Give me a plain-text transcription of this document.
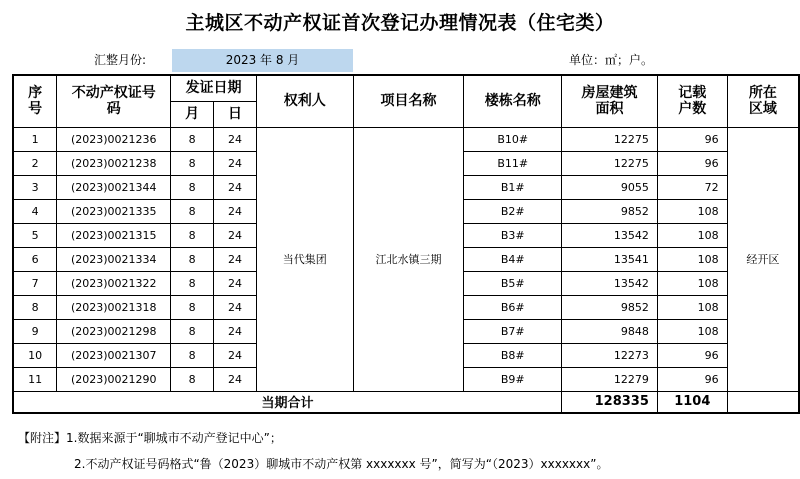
主城区不动产权证首次登记办理情况表（住宅类）
汇整月份:	2023 年 8 月	单位：㎡；户。
序号	不动产权证号码	发证日期		权利人	项目名称	楼栋名称	房屋建筑面积	记载户数	所在区域
		月	日						
1	(2023)0021236	8	24	当代集团	江北水镇三期	B10#	12275	96	经开区
2	(2023)0021238	8	24			B11#	12275	96	
3	(2023)0021344	8	24			B1#	9055	72	
4	(2023)0021335	8	24			B2#	9852	108	
5	(2023)0021315	8	24			B3#	13542	108	
6	(2023)0021334	8	24			B4#	13541	108	
7	(2023)0021322	8	24			B5#	13542	108	
8	(2023)0021318	8	24			B6#	9852	108	
9	(2023)0021298	8	24			B7#	9848	108	
10	(2023)0021307	8	24			B8#	12273	96	
11	(2023)0021290	8	24			B9#	12279	96	
当期合计							128335	1104	
【附注】1.数据来源于“聊城市不动产登记中心”；
2.不动产权证号码格式“鲁（2023）聊城市不动产权第 xxxxxxx 号”，简写为“（2023）xxxxxxx”。
